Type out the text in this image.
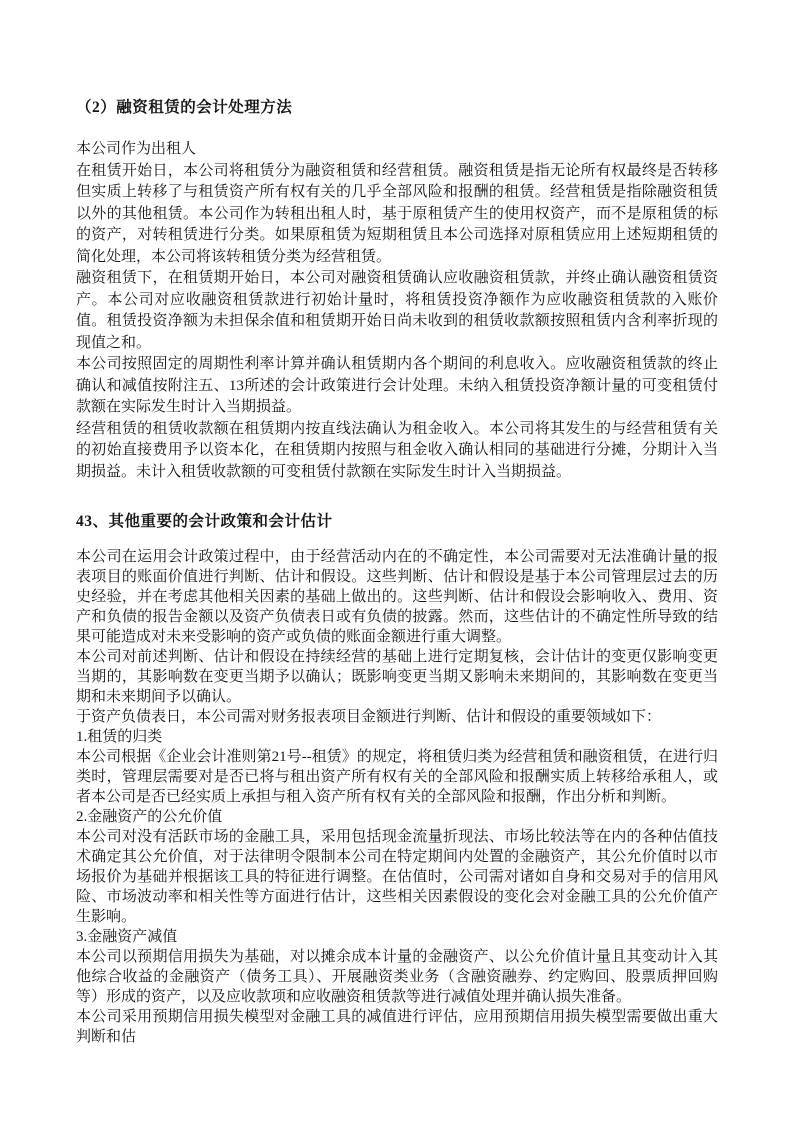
（2）融资租赁的会计处理方法

本公司作为出租人

在租赁开始日，本公司将租赁分为融资租赁和经营租赁。融资租赁是指无论所有权最终是否转移但实质上转移了与租赁资产所有权有关的几乎全部风险和报酬的租赁。经营租赁是指除融资租赁以外的其他租赁。本公司作为转租出租人时，基于原租赁产生的使用权资产，而不是原租赁的标的资产，对转租赁进行分类。如果原租赁为短期租赁且本公司选择对原租赁应用上述短期租赁的简化处理，本公司将该转租赁分类为经营租赁。

融资租赁下，在租赁期开始日，本公司对融资租赁确认应收融资租赁款，并终止确认融资租赁资产。本公司对应收融资租赁款进行初始计量时，将租赁投资净额作为应收融资租赁款的入账价值。租赁投资净额为未担保余值和租赁期开始日尚未收到的租赁收款额按照租赁内含利率折现的现值之和。

本公司按照固定的周期性利率计算并确认租赁期内各个期间的利息收入。应收融资租赁款的终止确认和减值按附注五、13所述的会计政策进行会计处理。未纳入租赁投资净额计量的可变租赁付款额在实际发生时计入当期损益。

经营租赁的租赁收款额在租赁期内按直线法确认为租金收入。本公司将其发生的与经营租赁有关的初始直接费用予以资本化，在租赁期内按照与租金收入确认相同的基础进行分摊，分期计入当期损益。未计入租赁收款额的可变租赁付款额在实际发生时计入当期损益。

43、其他重要的会计政策和会计估计

本公司在运用会计政策过程中，由于经营活动内在的不确定性，本公司需要对无法准确计量的报表项目的账面价值进行判断、估计和假设。这些判断、估计和假设是基于本公司管理层过去的历史经验，并在考虑其他相关因素的基础上做出的。这些判断、估计和假设会影响收入、费用、资产和负债的报告金额以及资产负债表日或有负债的披露。然而，这些估计的不确定性所导致的结果可能造成对未来受影响的资产或负债的账面金额进行重大调整。

本公司对前述判断、估计和假设在持续经营的基础上进行定期复核，会计估计的变更仅影响变更当期的，其影响数在变更当期予以确认；既影响变更当期又影响未来期间的，其影响数在变更当期和未来期间予以确认。

于资产负债表日，本公司需对财务报表项目金额进行判断、估计和假设的重要领域如下：

1.租赁的归类

本公司根据《企业会计准则第21号--租赁》的规定，将租赁归类为经营租赁和融资租赁，在进行归类时，管理层需要对是否已将与租出资产所有权有关的全部风险和报酬实质上转移给承租人，或者本公司是否已经实质上承担与租入资产所有权有关的全部风险和报酬，作出分析和判断。

2.金融资产的公允价值

本公司对没有活跃市场的金融工具，采用包括现金流量折现法、市场比较法等在内的各种估值技术确定其公允价值，对于法律明令限制本公司在特定期间内处置的金融资产，其公允价值时以市场报价为基础并根据该工具的特征进行调整。在估值时，公司需对诸如自身和交易对手的信用风险、市场波动率和相关性等方面进行估计，这些相关因素假设的变化会对金融工具的公允价值产生影响。

3.金融资产减值

本公司以预期信用损失为基础，对以摊余成本计量的金融资产、以公允价值计量且其变动计入其他综合收益的金融资产（债务工具）、开展融资类业务（含融资融券、约定购回、股票质押回购等）形成的资产，以及应收款项和应收融资租赁款等进行减值处理并确认损失准备。

本公司采用预期信用损失模型对金融工具的减值进行评估，应用预期信用损失模型需要做出重大判断和估
